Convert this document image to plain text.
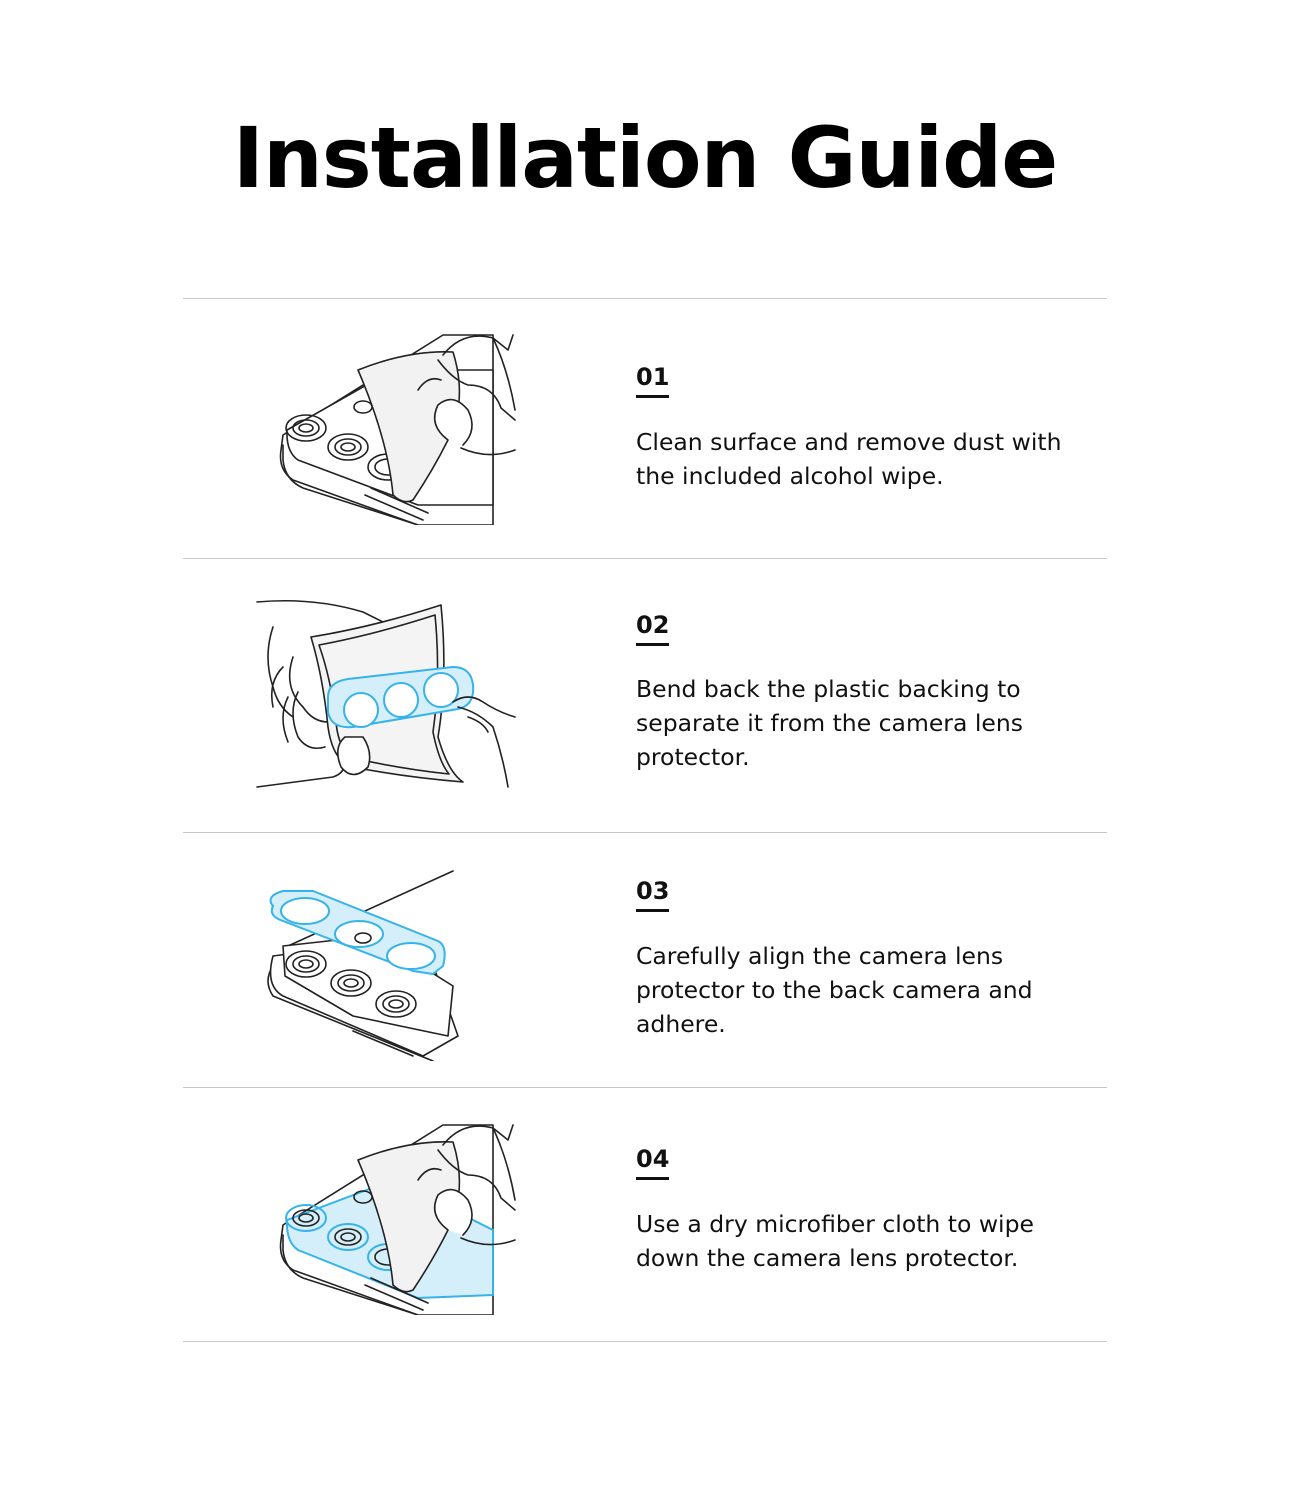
Installation Guide
01

Clean surface and remove dust with the included alcohol wipe.

02

Bend back the plastic backing to separate it from the camera lens protector.

03

Carefully align the camera lens protector to the back camera and adhere.

04

Use a dry microfiber cloth to wipe down the camera lens protector.
